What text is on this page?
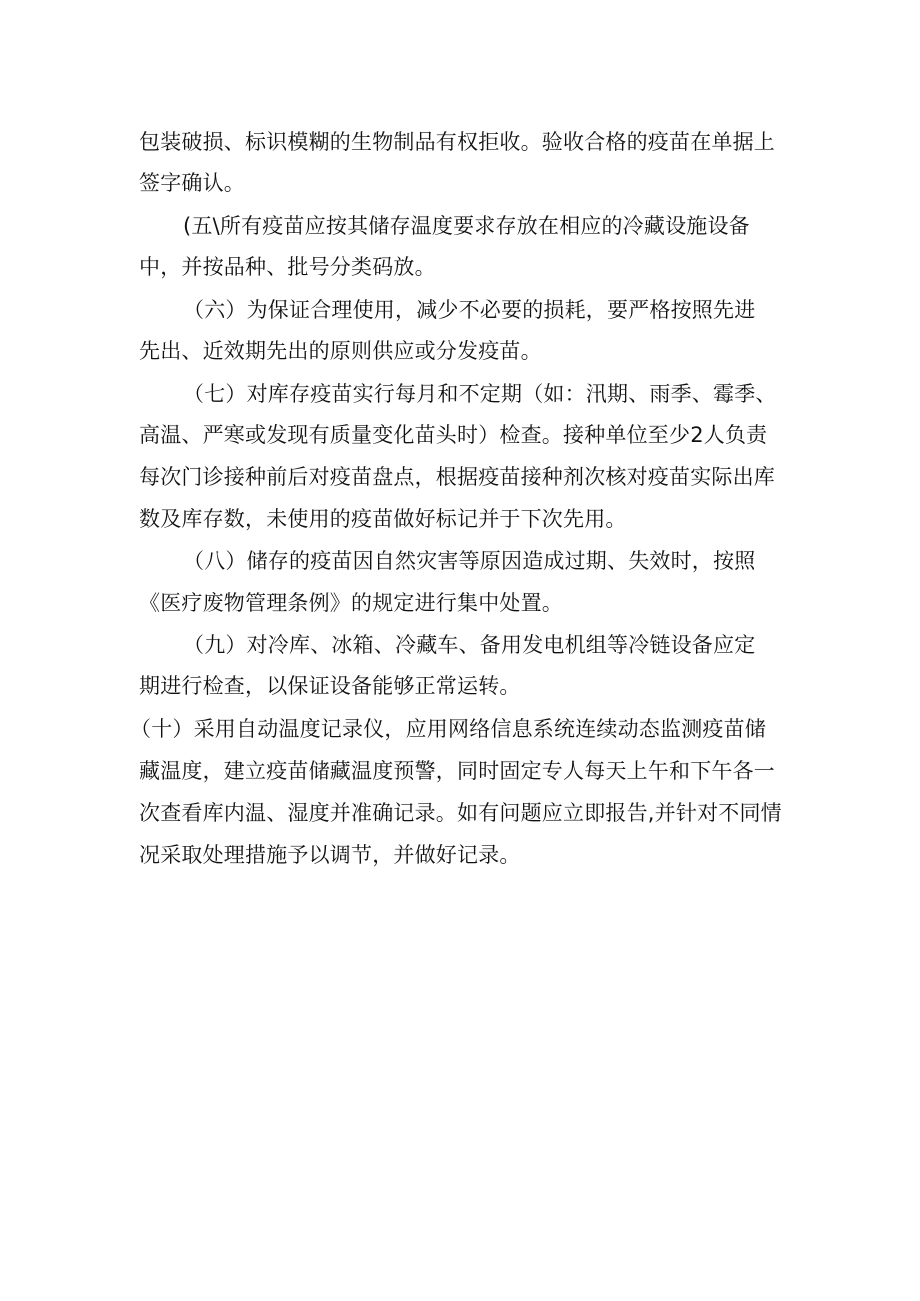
包装破损、标识模糊的生物制品有权拒收。验收合格的疫苗在单据上
签字确认。
(五\所有疫苗应按其储存温度要求存放在相应的冷藏设施设备
中，并按品种、批号分类码放。
（六）为保证合理使用，减少不必要的损耗，要严格按照先进
先出、近效期先出的原则供应或分发疫苗。
（七）对库存疫苗实行每月和不定期（如：汛期、雨季、霉季、
高温、严寒或发现有质量变化苗头时）检查。接种单位至少2人负责
每次门诊接种前后对疫苗盘点，根据疫苗接种剂次核对疫苗实际出库
数及库存数，未使用的疫苗做好标记并于下次先用。
（八）储存的疫苗因自然灾害等原因造成过期、失效时，按照
《医疗废物管理条例》的规定进行集中处置。
（九）对冷库、冰箱、冷藏车、备用发电机组等冷链设备应定
期进行检查，以保证设备能够正常运转。
（十）采用自动温度记录仪，应用网络信息系统连续动态监测疫苗储
藏温度，建立疫苗储藏温度预警，同时固定专人每天上午和下午各一
次查看库内温、湿度并准确记录。如有问题应立即报告,并针对不同情
况采取处理措施予以调节，并做好记录。
